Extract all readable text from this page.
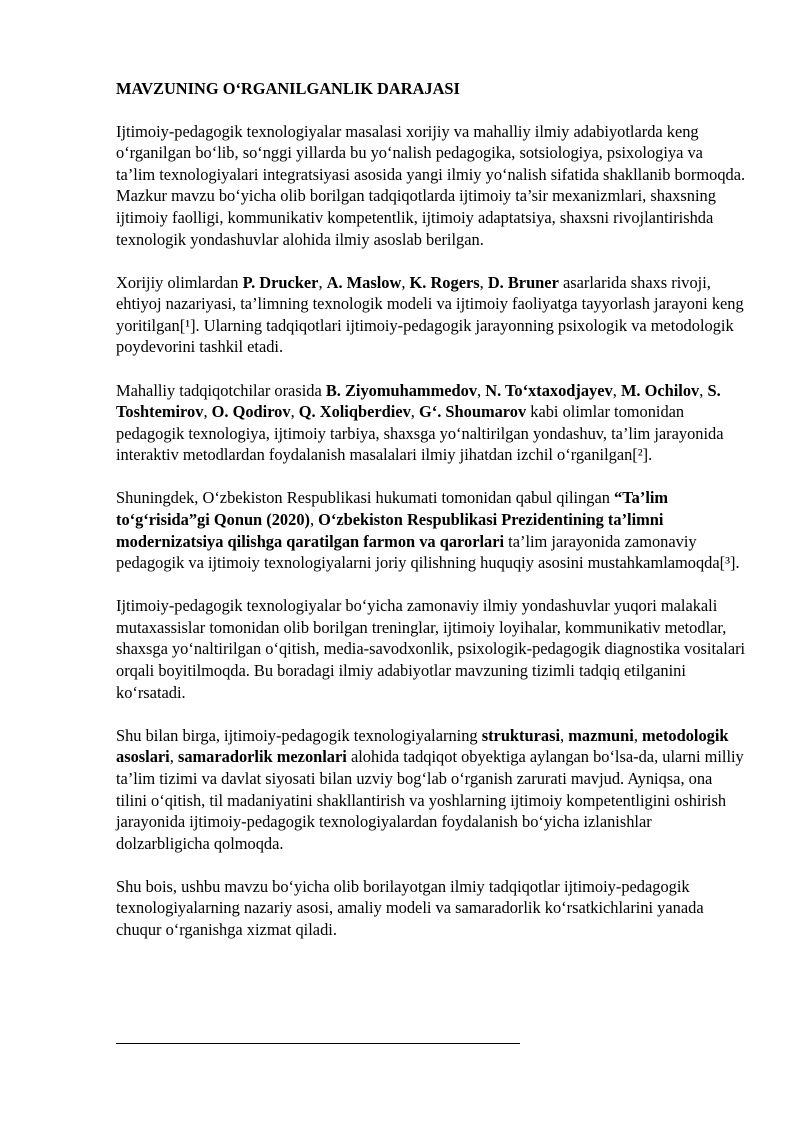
MAVZUNING O‘RGANILGANLIK DARAJASI

Ijtimoiy-pedagogik texnologiyalar masalasi xorijiy va mahalliy ilmiy adabiyotlarda keng o‘rganilgan bo‘lib, so‘nggi yillarda bu yo‘nalish pedagogika, sotsiologiya, psixologiya va ta’lim texnologiyalari integratsiyasi asosida yangi ilmiy yo‘nalish sifatida shakllanib bormoqda. Mazkur mavzu bo‘yicha olib borilgan tadqiqotlarda ijtimoiy ta’sir mexanizmlari, shaxsning ijtimoiy faolligi, kommunikativ kompetentlik, ijtimoiy adaptatsiya, shaxsni rivojlantirishda texnologik yondashuvlar alohida ilmiy asoslab berilgan.

Xorijiy olimlardan P. Drucker, A. Maslow, K. Rogers, D. Bruner asarlarida shaxs rivoji, ehtiyoj nazariyasi, ta’limning texnologik modeli va ijtimoiy faoliyatga tayyorlash jarayoni keng yoritilgan[¹]. Ularning tadqiqotlari ijtimoiy-pedagogik jarayonning psixologik va metodologik poydevorini tashkil etadi.

Mahalliy tadqiqotchilar orasida B. Ziyomuhammedov, N. To‘xtaxodjayev, M. Ochilov, S. Toshtemirov, O. Qodirov, Q. Xoliqberdiev, G‘. Shoumarov kabi olimlar tomonidan pedagogik texnologiya, ijtimoiy tarbiya, shaxsga yo‘naltirilgan yondashuv, ta’lim jarayonida interaktiv metodlardan foydalanish masalalari ilmiy jihatdan izchil o‘rganilgan[²].

Shuningdek, O‘zbekiston Respublikasi hukumati tomonidan qabul qilingan “Ta’lim to‘g‘risida”gi Qonun (2020), O‘zbekiston Respublikasi Prezidentining ta’limni modernizatsiya qilishga qaratilgan farmon va qarorlari ta’lim jarayonida zamonaviy pedagogik va ijtimoiy texnologiyalarni joriy qilishning huquqiy asosini mustahkamlamoqda[³].

Ijtimoiy-pedagogik texnologiyalar bo‘yicha zamonaviy ilmiy yondashuvlar yuqori malakali mutaxassislar tomonidan olib borilgan treninglar, ijtimoiy loyihalar, kommunikativ metodlar, shaxsga yo‘naltirilgan o‘qitish, media-savodxonlik, psixologik-pedagogik diagnostika vositalari orqali boyitilmoqda. Bu boradagi ilmiy adabiyotlar mavzuning tizimli tadqiq etilganini ko‘rsatadi.

Shu bilan birga, ijtimoiy-pedagogik texnologiyalarning strukturasi, mazmuni, metodologik asoslari, samaradorlik mezonlari alohida tadqiqot obyektiga aylangan bo‘lsa-da, ularni milliy ta’lim tizimi va davlat siyosati bilan uzviy bog‘lab o‘rganish zarurati mavjud. Ayniqsa, ona tilini o‘qitish, til madaniyatini shakllantirish va yoshlarning ijtimoiy kompetentligini oshirish jarayonida ijtimoiy-pedagogik texnologiyalardan foydalanish bo‘yicha izlanishlar dolzarbligicha qolmoqda.

Shu bois, ushbu mavzu bo‘yicha olib borilayotgan ilmiy tadqiqotlar ijtimoiy-pedagogik texnologiyalarning nazariy asosi, amaliy modeli va samaradorlik ko‘rsatkichlarini yanada chuqur o‘rganishga xizmat qiladi.
